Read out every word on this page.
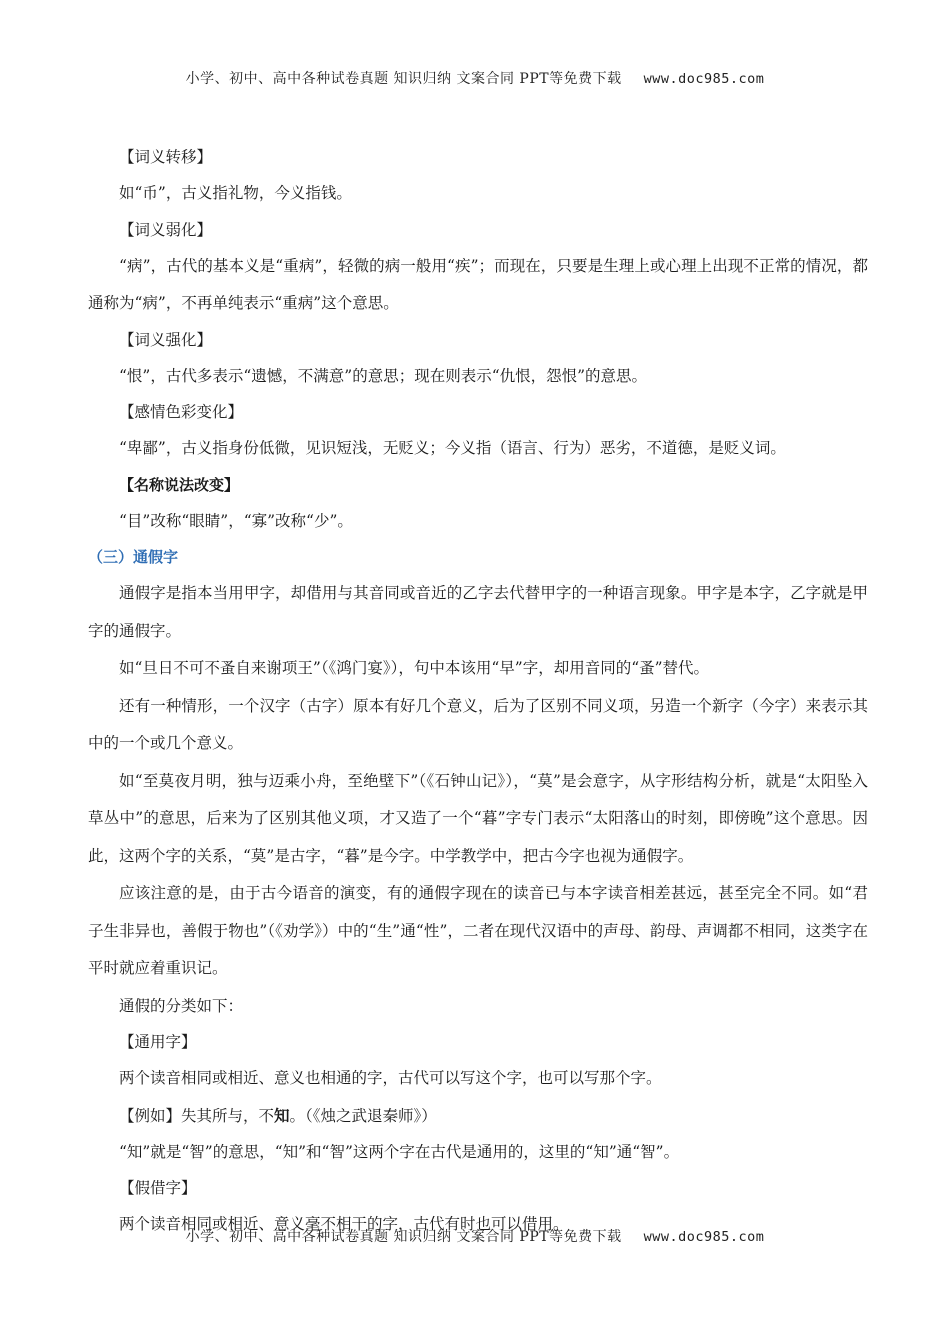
小学、初中、高中各种试卷真题 知识归纳 文案合同 PPT等免费下载 www.doc985.com

【词义转移】

如“币”，古义指礼物，今义指钱。

【词义弱化】

“病”，古代的基本义是“重病”，轻微的病一般用“疾”；而现在，只要是生理上或心理上出现不正常的情况，都通称为“病”，不再单纯表示“重病”这个意思。

【词义强化】

“恨”，古代多表示“遗憾，不满意”的意思；现在则表示“仇恨，怨恨”的意思。

【感情色彩变化】

“卑鄙”，古义指身份低微，见识短浅，无贬义；今义指（语言、行为）恶劣，不道德，是贬义词。

【名称说法改变】

“目”改称“眼睛”，“寡”改称“少”。

（三）通假字

通假字是指本当用甲字，却借用与其音同或音近的乙字去代替甲字的一种语言现象。甲字是本字，乙字就是甲字的通假字。

如“旦日不可不蚤自来谢项王”（《鸿门宴》），句中本该用“早”字，却用音同的“蚤”替代。

还有一种情形，一个汉字（古字）原本有好几个意义，后为了区别不同义项，另造一个新字（今字）来表示其中的一个或几个意义。

如“至莫夜月明，独与迈乘小舟，至绝壁下”（《石钟山记》），“莫”是会意字，从字形结构分析，就是“太阳坠入草丛中”的意思，后来为了区别其他义项，才又造了一个“暮”字专门表示“太阳落山的时刻，即傍晚”这个意思。因此，这两个字的关系，“莫”是古字，“暮”是今字。中学教学中，把古今字也视为通假字。

应该注意的是，由于古今语音的演变，有的通假字现在的读音已与本字读音相差甚远，甚至完全不同。如“君子生非异也，善假于物也”（《劝学》）中的“生”通“性”，二者在现代汉语中的声母、韵母、声调都不相同，这类字在平时就应着重识记。

通假的分类如下：

【通用字】

两个读音相同或相近、意义也相通的字，古代可以写这个字，也可以写那个字。

【例如】失其所与，不知。（《烛之武退秦师》）

“知”就是“智”的意思，“知”和“智”这两个字在古代是通用的，这里的“知”通“智”。

【假借字】

两个读音相同或相近、意义毫不相干的字，古代有时也可以借用。

小学、初中、高中各种试卷真题 知识归纳 文案合同 PPT等免费下载 www.doc985.com
